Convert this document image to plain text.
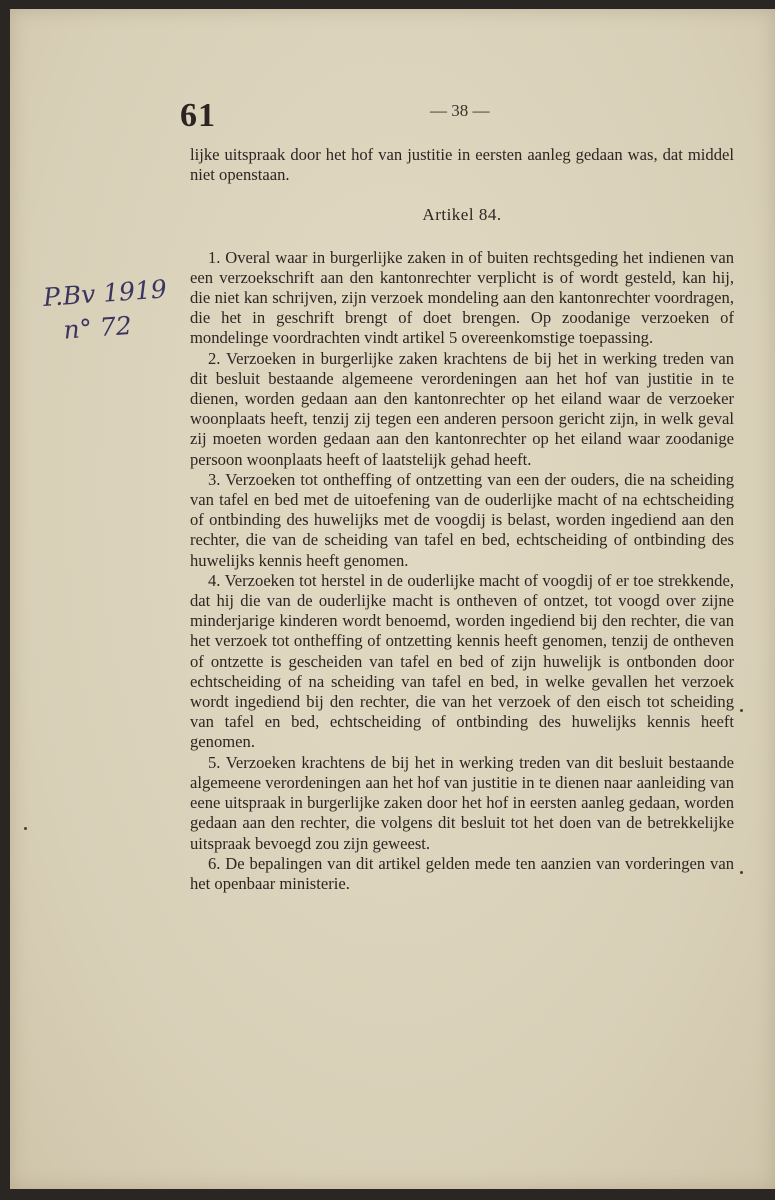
61	— 38 —
P.Bv 1919
n° 72

lijke uitspraak door het hof van justitie in eersten aanleg gedaan was, dat middel niet openstaan.

Artikel 84.

1. Overal waar in burgerlijke zaken in of buiten rechtsgeding het indienen van een verzoekschrift aan den kantonrechter verplicht is of wordt gesteld, kan hij, die niet kan schrijven, zijn verzoek mondeling aan den kantonrechter voordragen, die het in geschrift brengt of doet brengen. Op zoodanige verzoeken of mondelinge voordrachten vindt artikel 5 overeenkomstige toepassing.

2. Verzoeken in burgerlijke zaken krachtens de bij het in werking treden van dit besluit bestaande algemeene verordeningen aan het hof van justitie in te dienen, worden gedaan aan den kantonrechter op het eiland waar de verzoeker woonplaats heeft, tenzij zij tegen een anderen persoon gericht zijn, in welk geval zij moeten worden gedaan aan den kantonrechter op het eiland waar zoodanige persoon woonplaats heeft of laatstelijk gehad heeft.

3. Verzoeken tot ontheffing of ontzetting van een der ouders, die na scheiding van tafel en bed met de uitoefening van de ouderlijke macht of na echtscheiding of ontbinding des huwelijks met de voogdij is belast, worden ingediend aan den rechter, die van de scheiding van tafel en bed, echtscheiding of ontbinding des huwelijks kennis heeft genomen.

4. Verzoeken tot herstel in de ouderlijke macht of voogdij of er toe strekkende, dat hij die van de ouderlijke macht is ontheven of ontzet, tot voogd over zijne minderjarige kinderen wordt benoemd, worden ingediend bij den rechter, die van het verzoek tot ontheffing of ontzetting kennis heeft genomen, tenzij de ontheven of ontzette is gescheiden van tafel en bed of zijn huwelijk is ontbonden door echtscheiding of na scheiding van tafel en bed, in welke gevallen het verzoek wordt ingediend bij den rechter, die van het verzoek of den eisch tot scheiding van tafel en bed, echtscheiding of ontbinding des huwelijks kennis heeft genomen.

5. Verzoeken krachtens de bij het in werking treden van dit besluit bestaande algemeene verordeningen aan het hof van justitie in te dienen naar aanleiding van eene uitspraak in burgerlijke zaken door het hof in eersten aanleg gedaan, worden gedaan aan den rechter, die volgens dit besluit tot het doen van de betrekkelijke uitspraak bevoegd zou zijn geweest.

6. De bepalingen van dit artikel gelden mede ten aanzien van vorderingen van het openbaar ministerie.
